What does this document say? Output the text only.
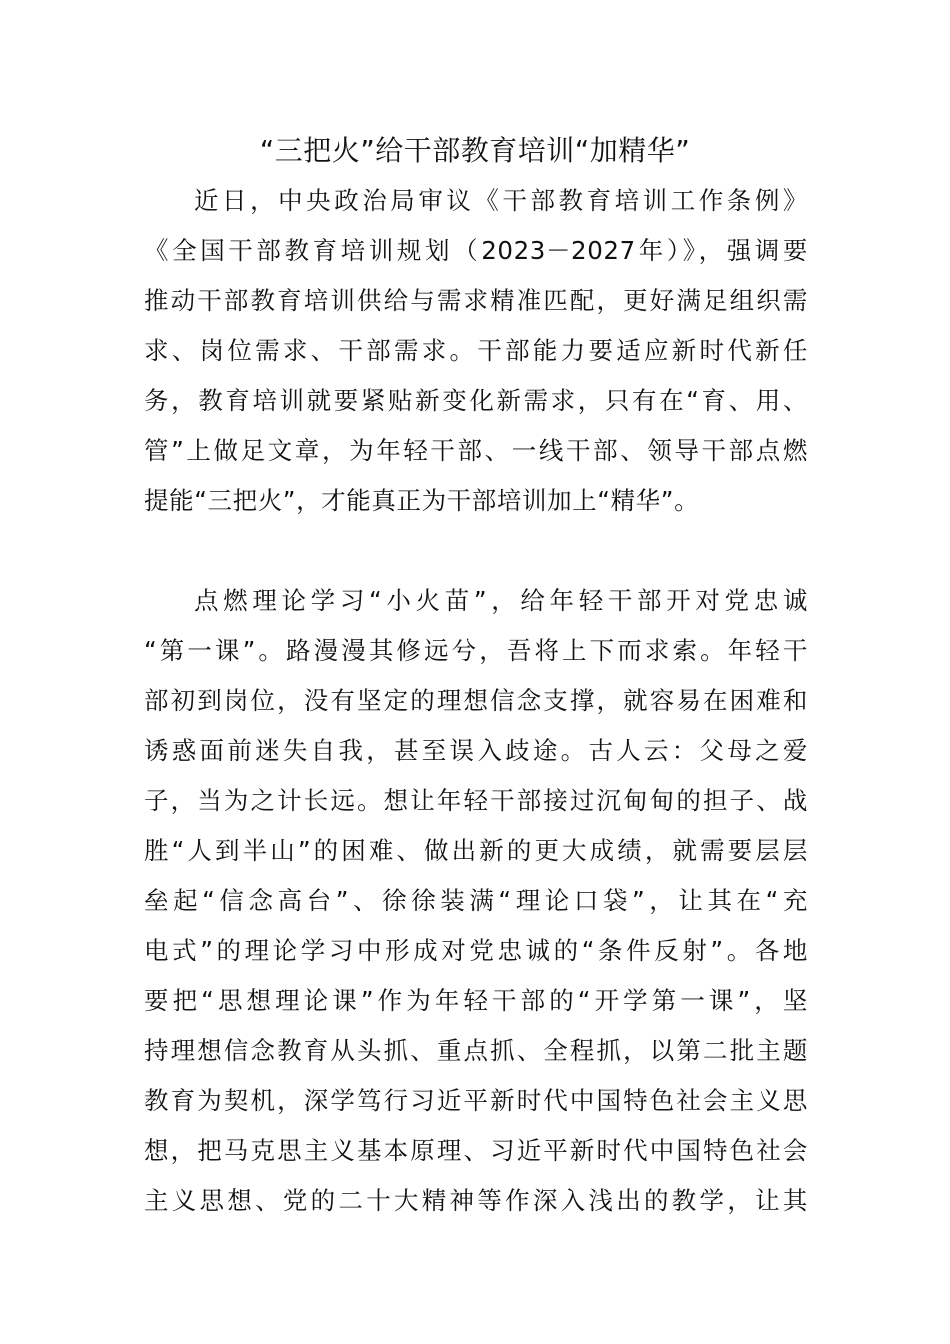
“三把火”给干部教育培训“加精华”
近日，中央政治局审议《干部教育培训工作条例》
《全国干部教育培训规划（2023－2027年）》，强调要
推动干部教育培训供给与需求精准匹配，更好满足组织需
求、岗位需求、干部需求。干部能力要适应新时代新任
务，教育培训就要紧贴新变化新需求，只有在“育、用、
管”上做足文章，为年轻干部、一线干部、领导干部点燃
提能“三把火”，才能真正为干部培训加上“精华”。
点燃理论学习“小火苗”，给年轻干部开对党忠诚
“第一课”。路漫漫其修远兮，吾将上下而求索。年轻干
部初到岗位，没有坚定的理想信念支撑，就容易在困难和
诱惑面前迷失自我，甚至误入歧途。古人云：父母之爱
子，当为之计长远。想让年轻干部接过沉甸甸的担子、战
胜“人到半山”的困难、做出新的更大成绩，就需要层层
垒起“信念高台”、徐徐装满“理论口袋”，让其在“充
电式”的理论学习中形成对党忠诚的“条件反射”。各地
要把“思想理论课”作为年轻干部的“开学第一课”，坚
持理想信念教育从头抓、重点抓、全程抓，以第二批主题
教育为契机，深学笃行习近平新时代中国特色社会主义思
想，把马克思主义基本原理、习近平新时代中国特色社会
主义思想、党的二十大精神等作深入浅出的教学，让其
